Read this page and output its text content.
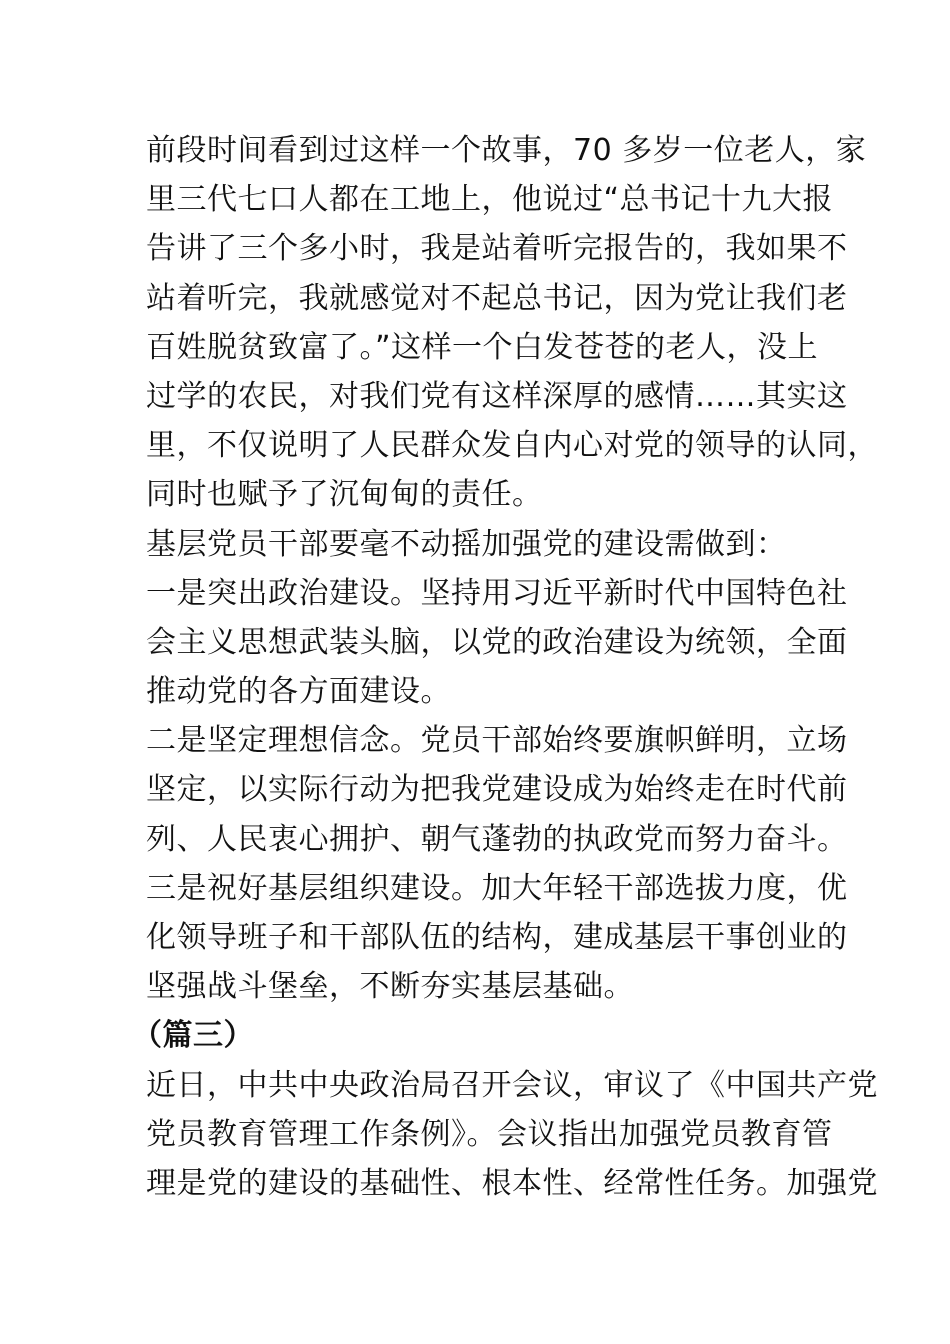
前段时间看到过这样一个故事，70 多岁一位老人，家
里三代七口人都在工地上，他说过“总书记十九大报
告讲了三个多小时，我是站着听完报告的，我如果不
站着听完，我就感觉对不起总书记，因为党让我们老
百姓脱贫致富了。”这样一个白发苍苍的老人，没上
过学的农民，对我们党有这样深厚的感情……其实这
里，不仅说明了人民群众发自内心对党的领导的认同，
同时也赋予了沉甸甸的责任。
基层党员干部要毫不动摇加强党的建设需做到：
一是突出政治建设。坚持用习近平新时代中国特色社
会主义思想武装头脑，以党的政治建设为统领，全面
推动党的各方面建设。
二是坚定理想信念。党员干部始终要旗帜鲜明，立场
坚定，以实际行动为把我党建设成为始终走在时代前
列、人民衷心拥护、朝气蓬勃的执政党而努力奋斗。
三是祝好基层组织建设。加大年轻干部选拔力度，优
化领导班子和干部队伍的结构，建成基层干事创业的
坚强战斗堡垒，不断夯实基层基础。
（篇三）
近日，中共中央政治局召开会议，审议了《中国共产党
党员教育管理工作条例》。会议指出加强党员教育管
理是党的建设的基础性、根本性、经常性任务。加强党
